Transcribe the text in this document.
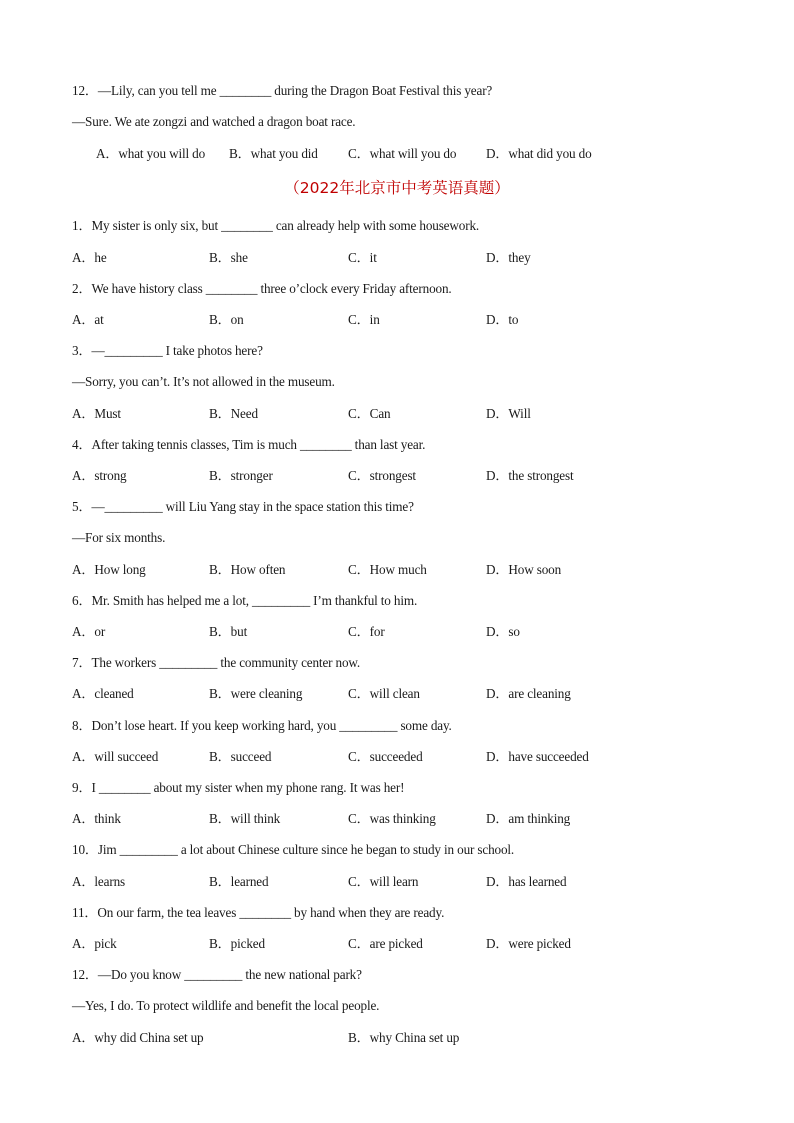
12．—Lily, can you tell me ________ during the Dragon Boat Festival this year?
—Sure. We ate zongzi and watched a dragon boat race.
A．what you will do B．what you did C．what will you do D．what did you do
（2022年北京市中考英语真题）
1．My sister is only six, but ________ can already help with some housework.
A．he	B．she	C．it	D．they
2．We have history class ________ three o’clock every Friday afternoon.
A．at	B．on	C．in	D．to
3．—_________ I take photos here?
—Sorry, you can’t. It’s not allowed in the museum.
A．Must	B．Need	C．Can	D．Will
4．After taking tennis classes, Tim is much ________ than last year.
A．strong	B．stronger	C．strongest	D．the strongest
5．—_________ will Liu Yang stay in the space station this time?
—For six months.
A．How long	B．How often	C．How much	D．How soon
6．Mr. Smith has helped me a lot, _________ I’m thankful to him.
A．or	B．but	C．for	D．so
7．The workers _________ the community center now.
A．cleaned	B．were cleaning	C．will clean	D．are cleaning
8．Don’t lose heart. If you keep working hard, you _________ some day.
A．will succeed	B．succeed	C．succeeded	D．have succeeded
9．I ________ about my sister when my phone rang. It was her!
A．think	B．will think	C．was thinking	D．am thinking
10．Jim _________ a lot about Chinese culture since he began to study in our school.
A．learns	B．learned	C．will learn	D．has learned
11．On our farm, the tea leaves ________ by hand when they are ready.
A．pick	B．picked	C．are picked	D．were picked
12．—Do you know _________ the new national park?
—Yes, I do. To protect wildlife and benefit the local people.
A．why did China set up	B．why China set up
